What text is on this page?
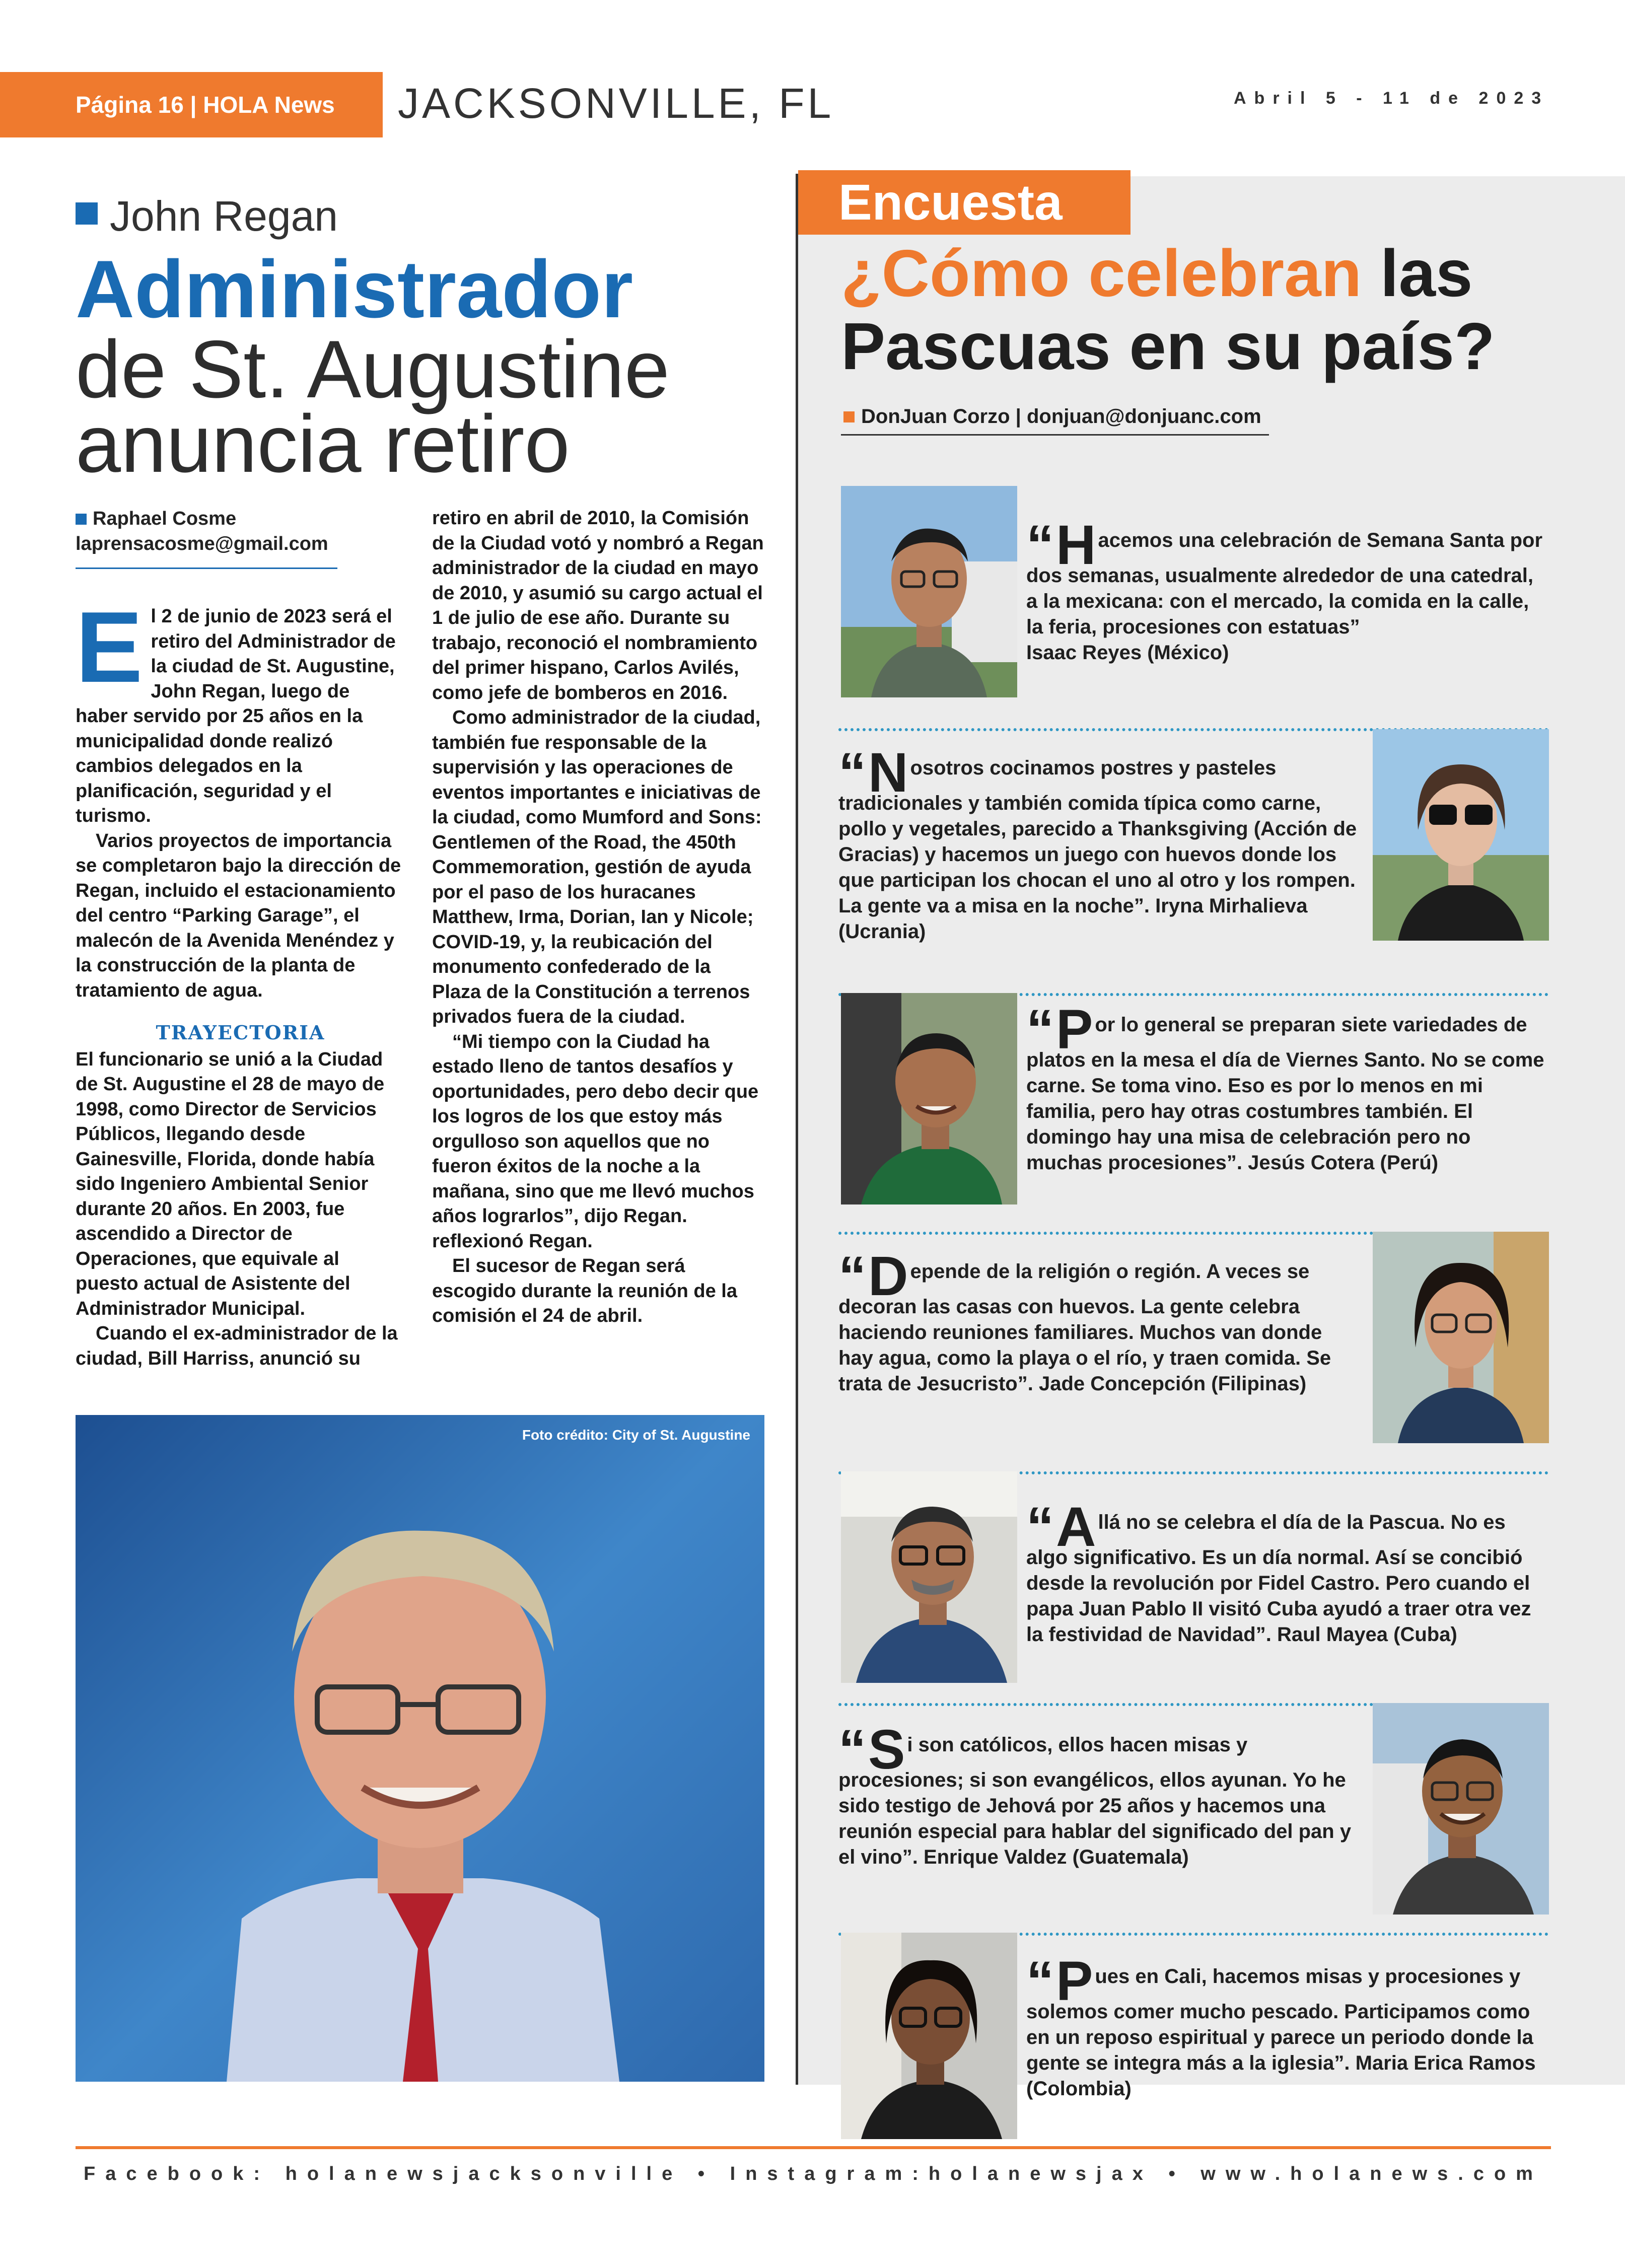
Página 16 | HOLA News	JACKSONVILLE, FL	Abril 5 - 11 de 2023
John Regan
Administrador
de St. Augustine anuncia retiro
Raphael Cosme
laprensacosme@gmail.com
E l 2 de junio de 2023 será el retiro del Administrador de la ciudad de St. Augustine, John Regan, luego de haber servido por 25 años en la municipalidad donde realizó cambios delegados en la planificación, seguridad y el turismo.

Varios proyectos de importancia se completaron bajo la dirección de Regan, incluido el estacionamiento del centro “Parking Garage”, el malecón de la Avenida Menéndez y la construcción de la planta de tratamiento de agua.

TRAYECTORIA

El funcionario se unió a la Ciudad de St. Augustine el 28 de mayo de 1998, como Director de Servicios Públicos, llegando desde Gainesville, Florida, donde había sido Ingeniero Ambiental Senior durante 20 años. En 2003, fue ascendido a Director de Operaciones, que equivale al puesto actual de Asistente del Administrador Municipal.

Cuando el ex-administrador de la ciudad, Bill Harriss, anunció su

retiro en abril de 2010, la Comisión de la Ciudad votó y nombró a Regan administrador de la ciudad en mayo de 2010, y asumió su cargo actual el 1 de julio de ese año. Durante su trabajo, reconoció el nombramiento del primer hispano, Carlos Avilés, como jefe de bomberos en 2016.

Como administrador de la ciudad, también fue responsable de la supervisión y las operaciones de eventos importantes e iniciativas de la ciudad, como Mumford and Sons: Gentlemen of the Road, the 450th Commemoration, gestión de ayuda por el paso de los huracanes Matthew, Irma, Dorian, Ian y Nicole; COVID-19, y, la reubicación del monumento confederado de la Plaza de la Constitución a terrenos privados fuera de la ciudad.

“Mi tiempo con la Ciudad ha estado lleno de tantos desafíos y oportunidades, pero debo decir que los logros de los que estoy más orgulloso son aquellos que no fueron éxitos de la noche a la mañana, sino que me llevó muchos años lograrlos”, dijo Regan. reflexionó Regan.

El sucesor de Regan será escogido durante la reunión de la comisión el 24 de abril.

Foto crédito: City of St. Augustine
Encuesta
¿Cómo celebran las
Pascuas en su país?
DonJuan Corzo | donjuan@donjuanc.com
“H acemos una celebración de Semana Santa por dos semanas, usualmente alrededor de una catedral, a la mexicana: con el mercado, la comida en la calle, la feria, procesiones con estatuas”
Isaac Reyes (México)
“N osotros cocinamos postres y pasteles tradicionales y también comida típica como carne, pollo y vegetales, parecido a Thanksgiving (Acción de Gracias) y hacemos un juego con huevos donde los que participan los chocan el uno al otro y los rompen. La gente va a misa en la noche”. Iryna Mirhalieva (Ucrania)
“P or lo general se preparan siete variedades de platos en la mesa el día de Viernes Santo. No se come carne. Se toma vino. Eso es por lo menos en mi familia, pero hay otras costumbres también. El domingo hay una misa de celebración pero no muchas procesiones”. Jesús Cotera (Perú)
“D epende de la religión o región. A veces se decoran las casas con huevos. La gente celebra haciendo reuniones familiares. Muchos van donde hay agua, como la playa o el río, y traen comida. Se trata de Jesucristo”. Jade Concepción (Filipinas)
“A llá no se celebra el día de la Pascua. No es algo significativo. Es un día normal. Así se concibió desde la revolución por Fidel Castro. Pero cuando el papa Juan Pablo II visitó Cuba ayudó a traer otra vez la festividad de Navidad”. Raul Mayea (Cuba)
“S i son católicos, ellos hacen misas y procesiones; si son evangélicos, ellos ayunan. Yo he sido testigo de Jehová por 25 años y hacemos una reunión especial para hablar del significado del pan y el vino”. Enrique Valdez (Guatemala)
“P ues en Cali, hacemos misas y procesiones y solemos comer mucho pescado. Participamos como en un reposo espiritual y parece un periodo donde la gente se integra más a la iglesia”. Maria Erica Ramos (Colombia)
Facebook: holanewsjacksonville • Instagram:holanewsjax • www.holanews.com
